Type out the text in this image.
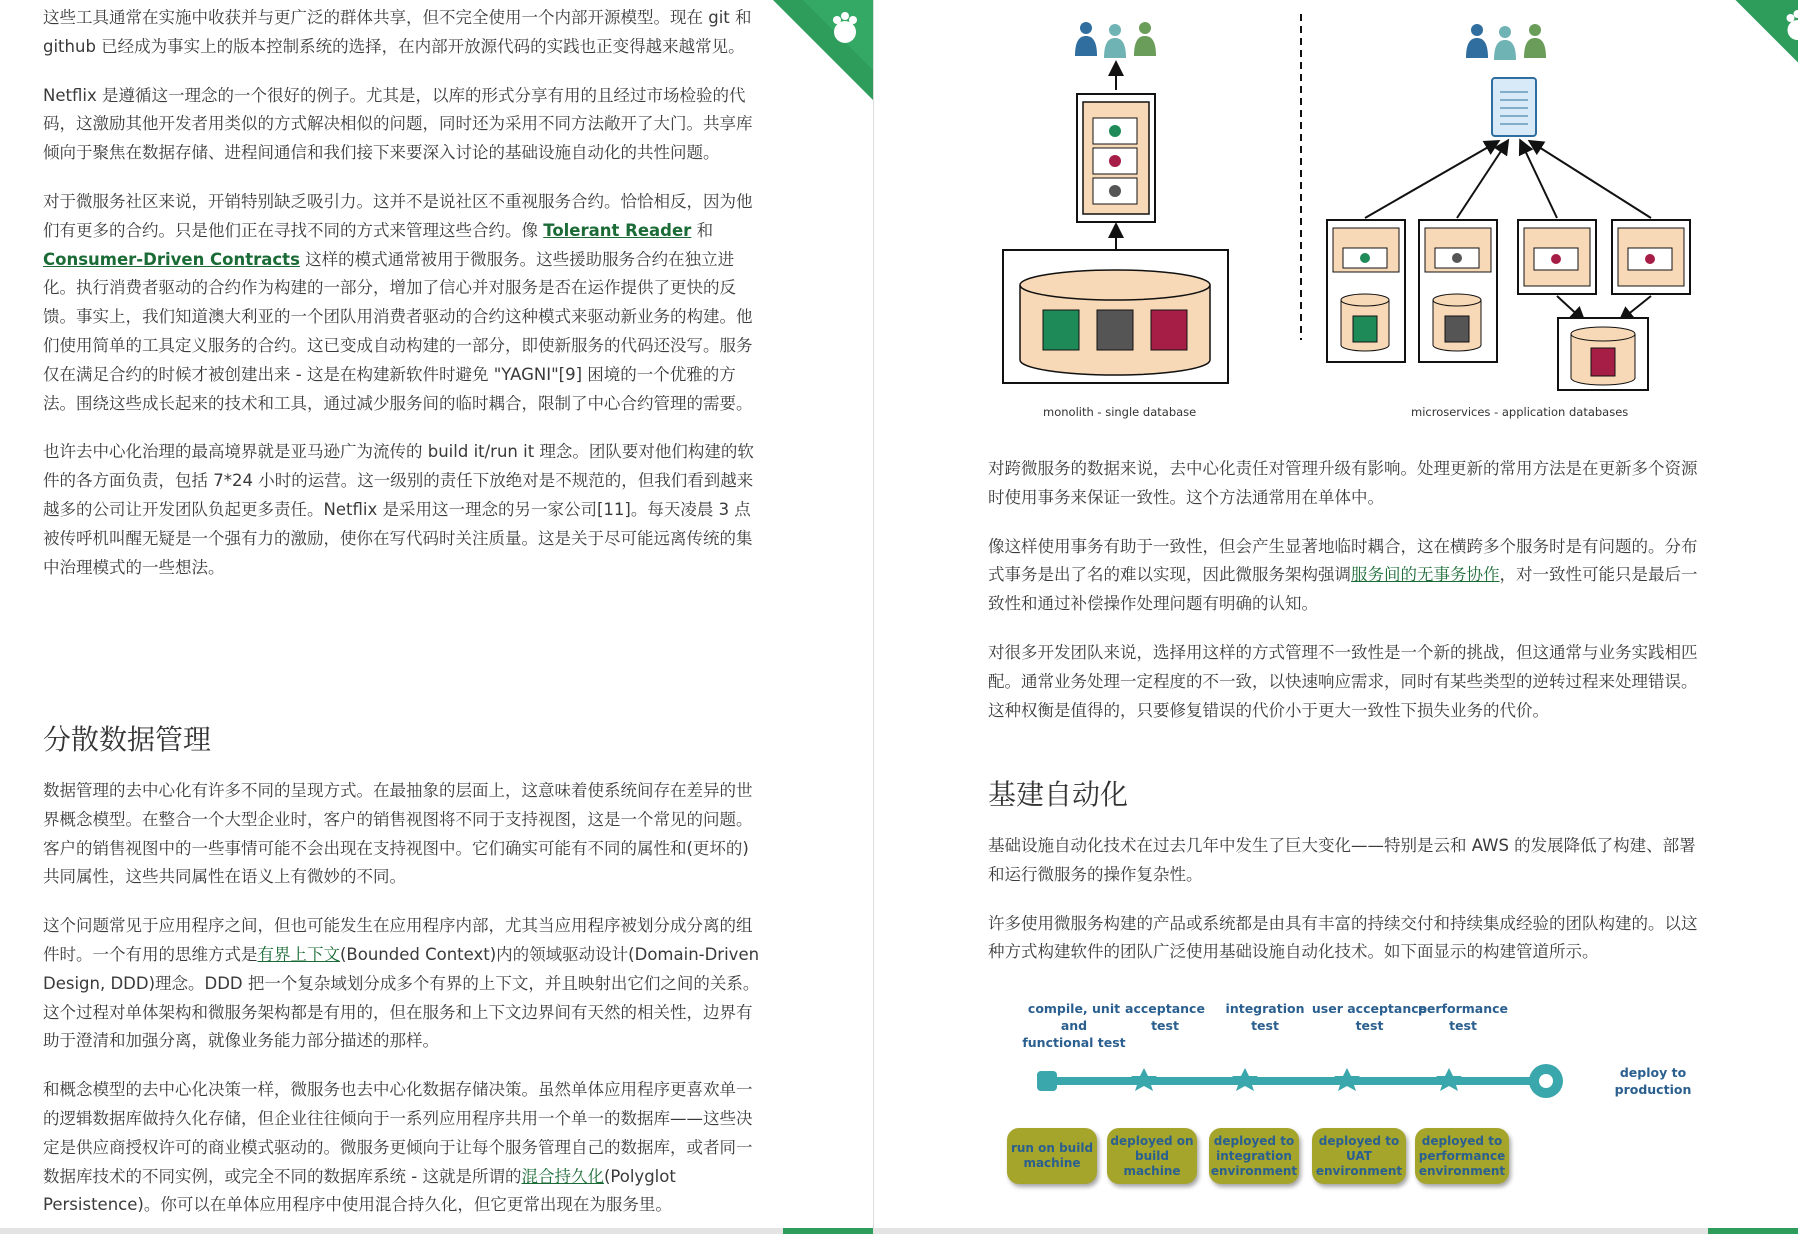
这些工具通常在实施中收获并与更广泛的群体共享，但不完全使用一个内部开源模型。现在 git 和 github 已经成为事实上的版本控制系统的选择，在内部开放源代码的实践也正变得越来越常见。

Netflix 是遵循这一理念的一个很好的例子。尤其是，以库的形式分享有用的且经过市场检验的代码，这激励其他开发者用类似的方式解决相似的问题，同时还为采用不同方法敞开了大门。共享库倾向于聚焦在数据存储、进程间通信和我们接下来要深入讨论的基础设施自动化的共性问题。

对于微服务社区来说，开销特别缺乏吸引力。这并不是说社区不重视服务合约。恰恰相反，因为他们有更多的合约。只是他们正在寻找不同的方式来管理这些合约。像 Tolerant Reader 和 Consumer-Driven Contracts 这样的模式通常被用于微服务。这些援助服务合约在独立进化。执行消费者驱动的合约作为构建的一部分，增加了信心并对服务是否在运作提供了更快的反馈。事实上，我们知道澳大利亚的一个团队用消费者驱动的合约这种模式来驱动新业务的构建。他们使用简单的工具定义服务的合约。这已变成自动构建的一部分，即使新服务的代码还没写。服务仅在满足合约的时候才被创建出来 - 这是在构建新软件时避免 "YAGNI"[9] 困境的一个优雅的方法。围绕这些成长起来的技术和工具，通过减少服务间的临时耦合，限制了中心合约管理的需要。

也许去中心化治理的最高境界就是亚马逊广为流传的 build it/run it 理念。团队要对他们构建的软件的各方面负责，包括 7*24 小时的运营。这一级别的责任下放绝对是不规范的，但我们看到越来越多的公司让开发团队负起更多责任。Netflix 是采用这一理念的另一家公司[11]。每天凌晨 3 点被传呼机叫醒无疑是一个强有力的激励，使你在写代码时关注质量。这是关于尽可能远离传统的集中治理模式的一些想法。

分散数据管理

数据管理的去中心化有许多不同的呈现方式。在最抽象的层面上，这意味着使系统间存在差异的世界概念模型。在整合一个大型企业时，客户的销售视图将不同于支持视图，这是一个常见的问题。客户的销售视图中的一些事情可能不会出现在支持视图中。它们确实可能有不同的属性和(更坏的)共同属性，这些共同属性在语义上有微妙的不同。

这个问题常见于应用程序之间，但也可能发生在应用程序内部，尤其当应用程序被划分成分离的组件时。一个有用的思维方式是有界上下文(Bounded Context)内的领域驱动设计(Domain-Driven Design, DDD)理念。DDD 把一个复杂域划分成多个有界的上下文，并且映射出它们之间的关系。这个过程对单体架构和微服务架构都是有用的，但在服务和上下文边界间有天然的相关性，边界有助于澄清和加强分离，就像业务能力部分描述的那样。

和概念模型的去中心化决策一样，微服务也去中心化数据存储决策。虽然单体应用程序更喜欢单一的逻辑数据库做持久化存储，但企业往往倾向于一系列应用程序共用一个单一的数据库——这些决定是供应商授权许可的商业模式驱动的。微服务更倾向于让每个服务管理自己的数据库，或者同一数据库技术的不同实例，或完全不同的数据库系统 - 这就是所谓的混合持久化(Polyglot Persistence)。你可以在单体应用程序中使用混合持久化，但它更常出现在为服务里。

monolith - single database	microservices - application databases

对跨微服务的数据来说，去中心化责任对管理升级有影响。处理更新的常用方法是在更新多个资源时使用事务来保证一致性。这个方法通常用在单体中。

像这样使用事务有助于一致性，但会产生显著地临时耦合，这在横跨多个服务时是有问题的。分布式事务是出了名的难以实现，因此微服务架构强调服务间的无事务协作，对一致性可能只是最后一致性和通过补偿操作处理问题有明确的认知。

对很多开发团队来说，选择用这样的方式管理不一致性是一个新的挑战，但这通常与业务实践相匹配。通常业务处理一定程度的不一致，以快速响应需求，同时有某些类型的逆转过程来处理错误。这种权衡是值得的，只要修复错误的代价小于更大一致性下损失业务的代价。

基建自动化

基础设施自动化技术在过去几年中发生了巨大变化——特别是云和 AWS 的发展降低了构建、部署和运行微服务的操作复杂性。

许多使用微服务构建的产品或系统都是由具有丰富的持续交付和持续集成经验的团队构建的。以这种方式构建软件的团队广泛使用基础设施自动化技术。如下面显示的构建管道所示。

compile, unit
and
functional test
acceptance
test
integration
test
user acceptance
test
performance
test
deploy to
production
run on build
machine
deployed on
build
machine
deployed to
integration
environment
deployed to
UAT
environment
deployed to
performance
environment
